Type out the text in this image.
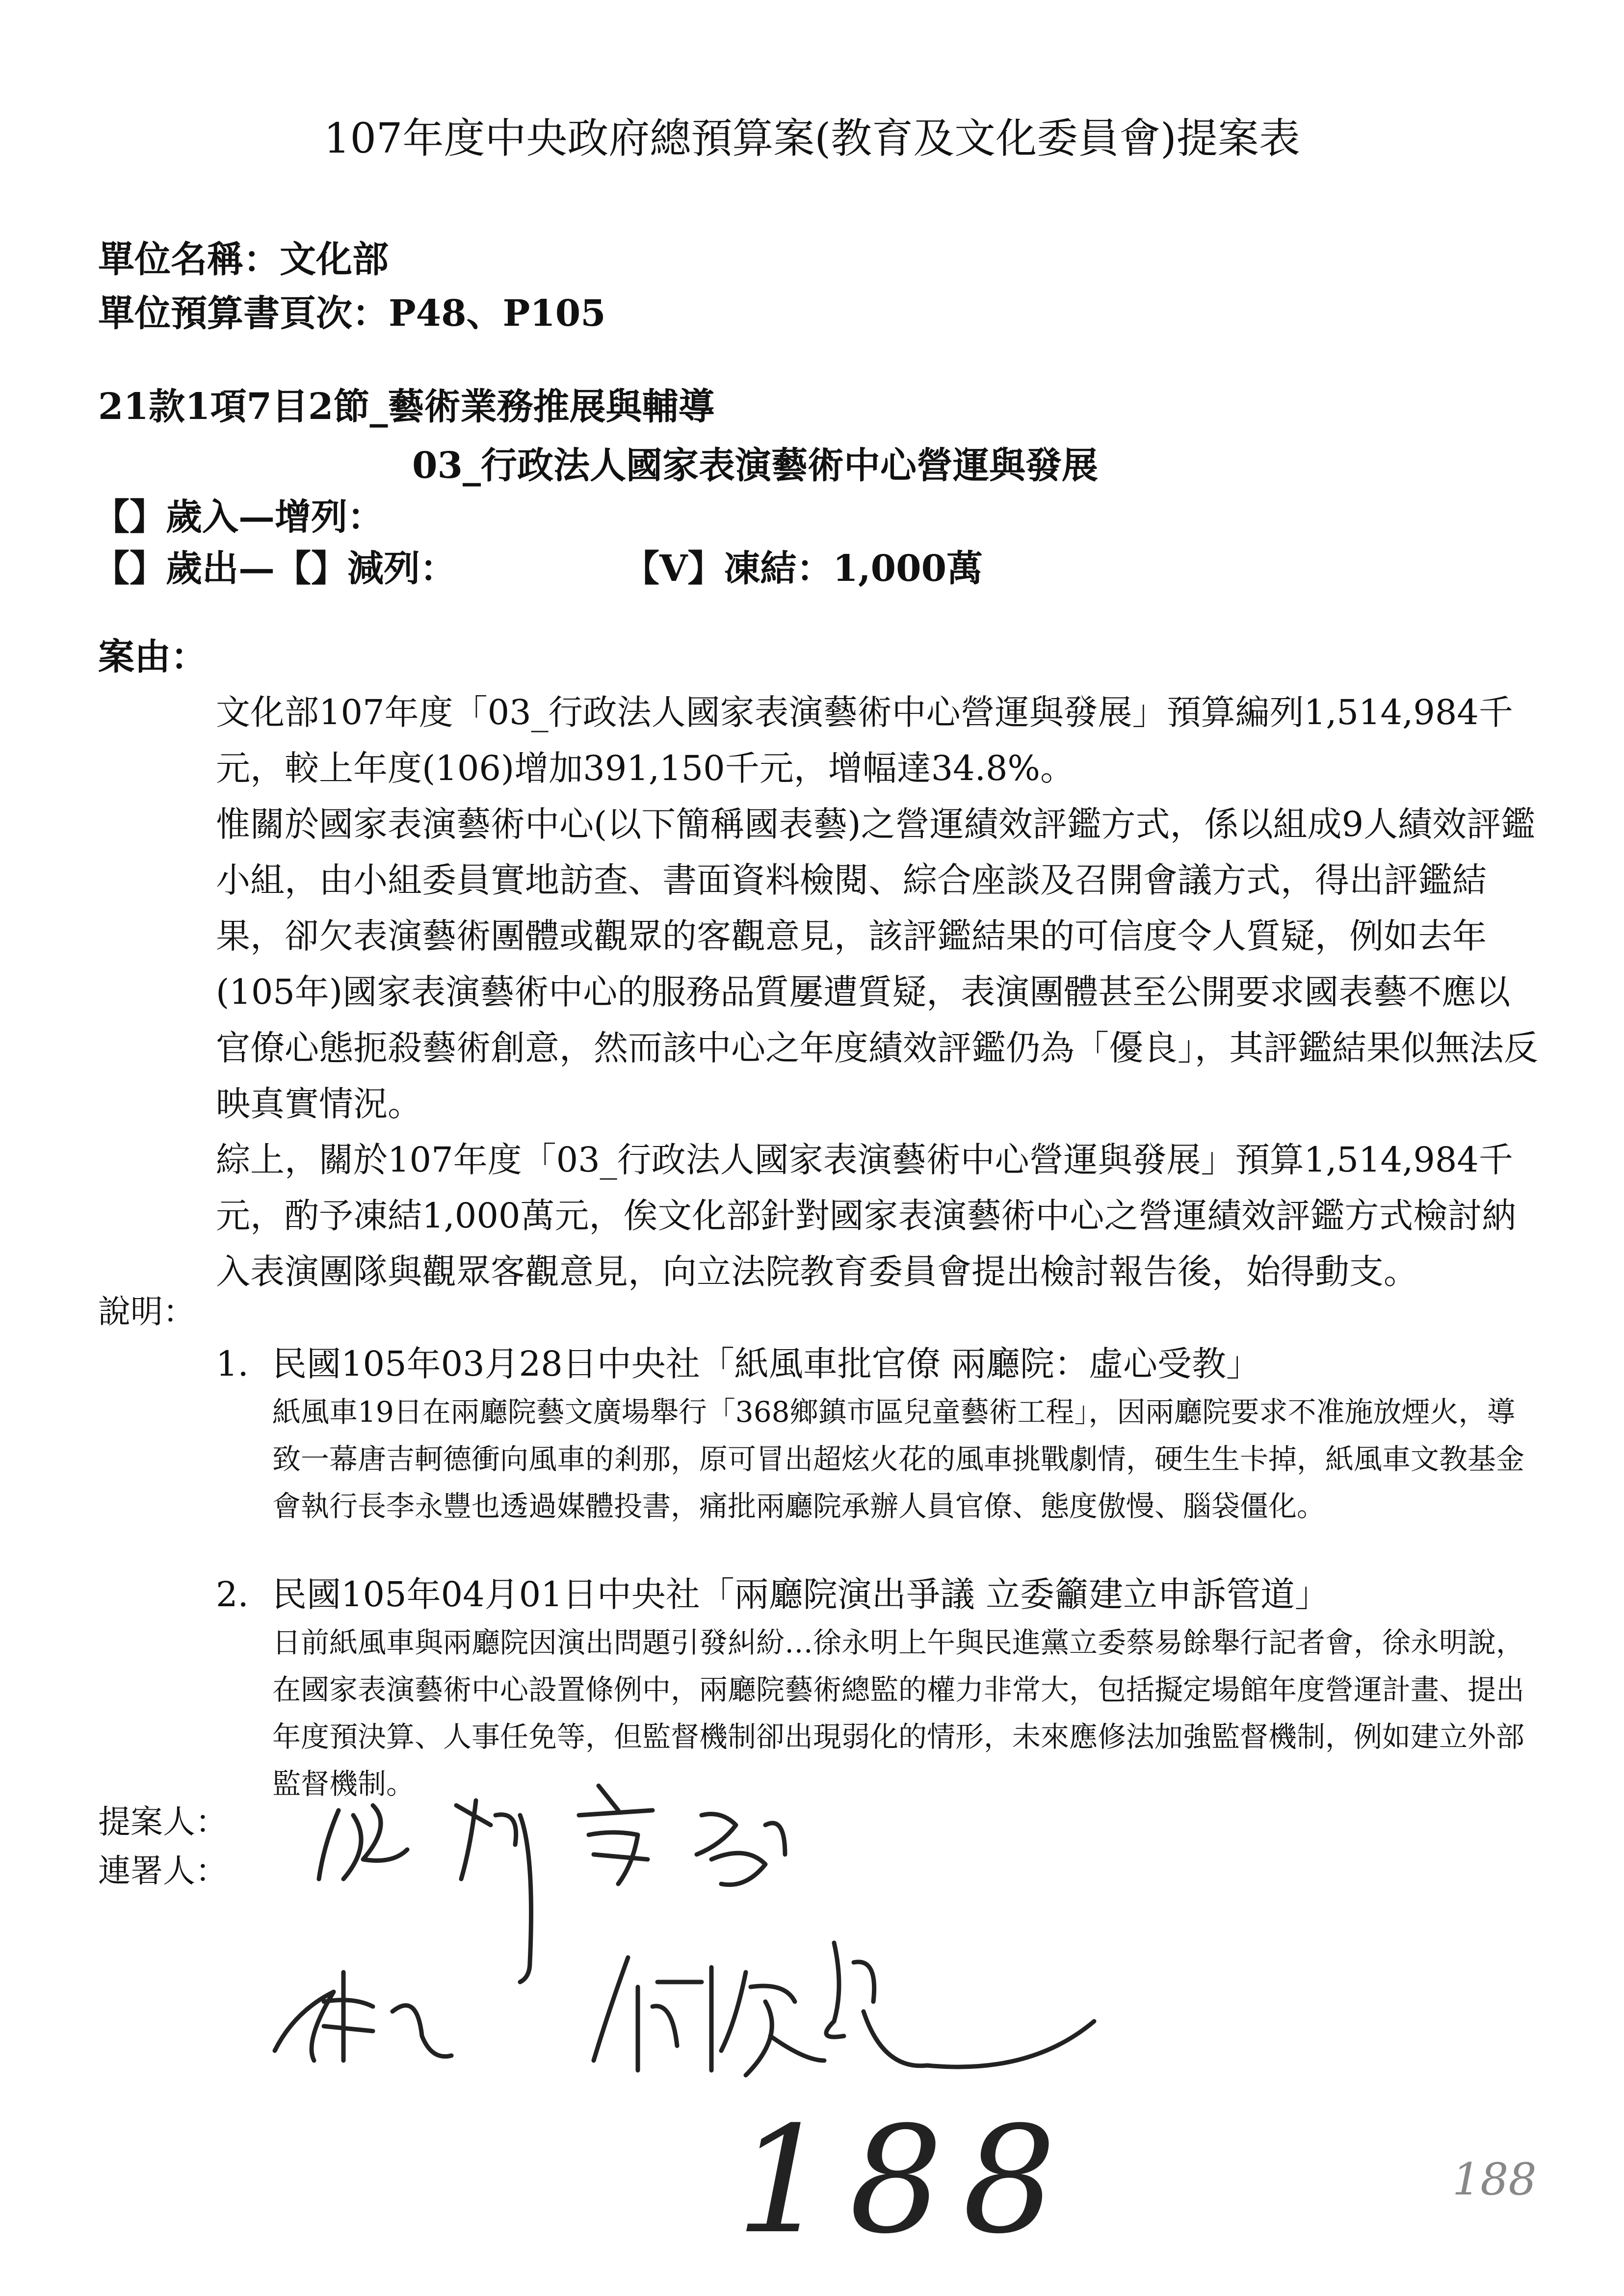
107年度中央政府總預算案(教育及文化委員會)提案表
單位名稱：文化部
單位預算書頁次：P48、P105
21款1項7目2節_藝術業務推展與輔導
03_行政法人國家表演藝術中心營運與發展
【】歲入—增列：
【】歲出—【】減列：	【V】凍結：1,000萬
案由：

文化部107年度「03_行政法人國家表演藝術中心營運與發展」預算編列1,514,984千元，較上年度(106)增加391,150千元，增幅達34.8%。

惟關於國家表演藝術中心(以下簡稱國表藝)之營運績效評鑑方式，係以組成9人績效評鑑小組，由小組委員實地訪查、書面資料檢閱、綜合座談及召開會議方式，得出評鑑結果，卻欠表演藝術團體或觀眾的客觀意見，該評鑑結果的可信度令人質疑，例如去年(105年)國家表演藝術中心的服務品質屢遭質疑，表演團體甚至公開要求國表藝不應以官僚心態扼殺藝術創意，然而該中心之年度績效評鑑仍為「優良」，其評鑑結果似無法反映真實情況。

綜上，關於107年度「03_行政法人國家表演藝術中心營運與發展」預算1,514,984千元，酌予凍結1,000萬元，俟文化部針對國家表演藝術中心之營運績效評鑑方式檢討納入表演團隊與觀眾客觀意見，向立法院教育委員會提出檢討報告後，始得動支。

說明：
1. 民國105年03月28日中央社「紙風車批官僚 兩廳院：虛心受教」
紙風車19日在兩廳院藝文廣場舉行「368鄉鎮市區兒童藝術工程」，因兩廳院要求不准施放煙火，導致一幕唐吉軻德衝向風車的剎那，原可冒出超炫火花的風車挑戰劇情，硬生生卡掉，紙風車文教基金會執行長李永豐也透過媒體投書，痛批兩廳院承辦人員官僚、態度傲慢、腦袋僵化。
2. 民國105年04月01日中央社「兩廳院演出爭議 立委籲建立申訴管道」
日前紙風車與兩廳院因演出問題引發糾紛…徐永明上午與民進黨立委蔡易餘舉行記者會，徐永明說，在國家表演藝術中心設置條例中，兩廳院藝術總監的權力非常大，包括擬定場館年度營運計畫、提出年度預決算、人事任免等，但監督機制卻出現弱化的情形，未來應修法加強監督機制，例如建立外部監督機制。
提案人：
連署人：
188	188
